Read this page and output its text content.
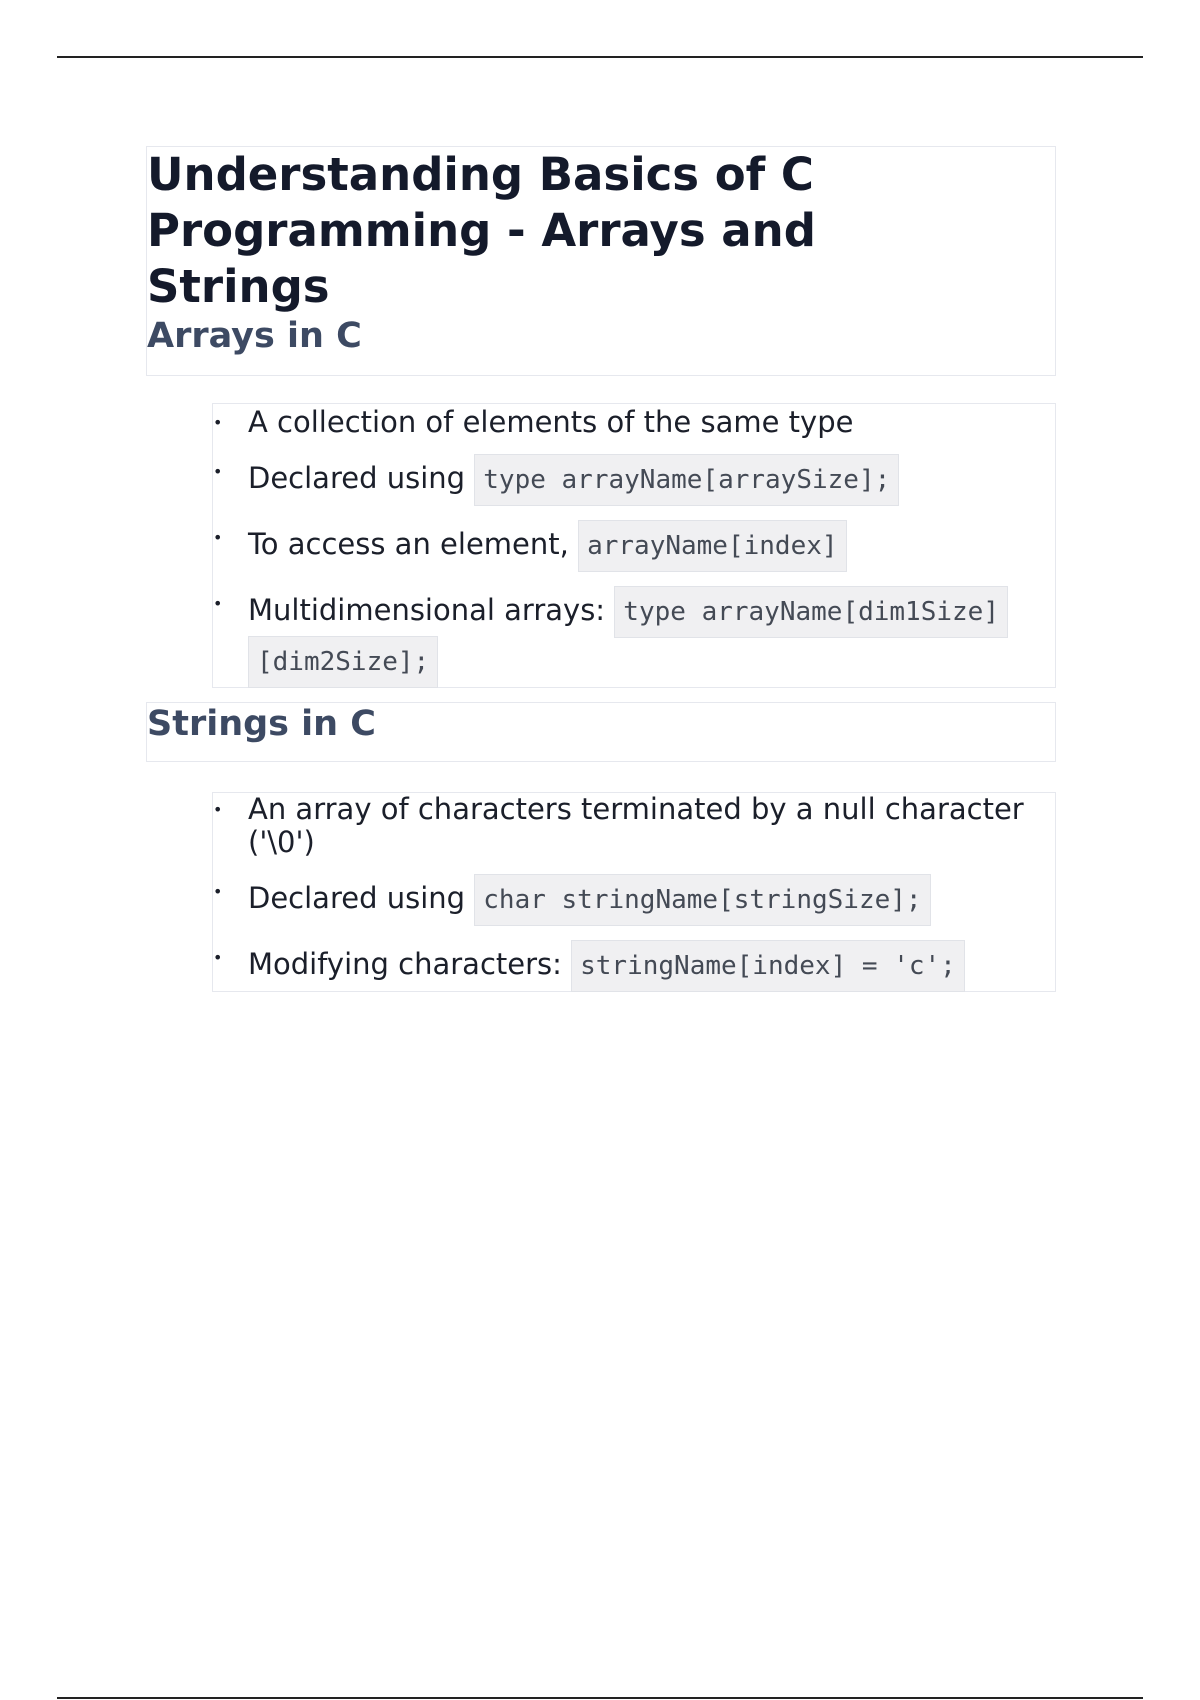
Understanding Basics of C Programming - Arrays and Strings
Arrays in C
• A collection of elements of the same type
• Declared using type arrayName[arraySize];
• To access an element, arrayName[index]
• Multidimensional arrays: type arrayName[dim1Size][dim2Size];
Strings in C
• An array of characters terminated by a null character ('\0')
• Declared using char stringName[stringSize];
• Modifying characters: stringName[index] = 'c';
